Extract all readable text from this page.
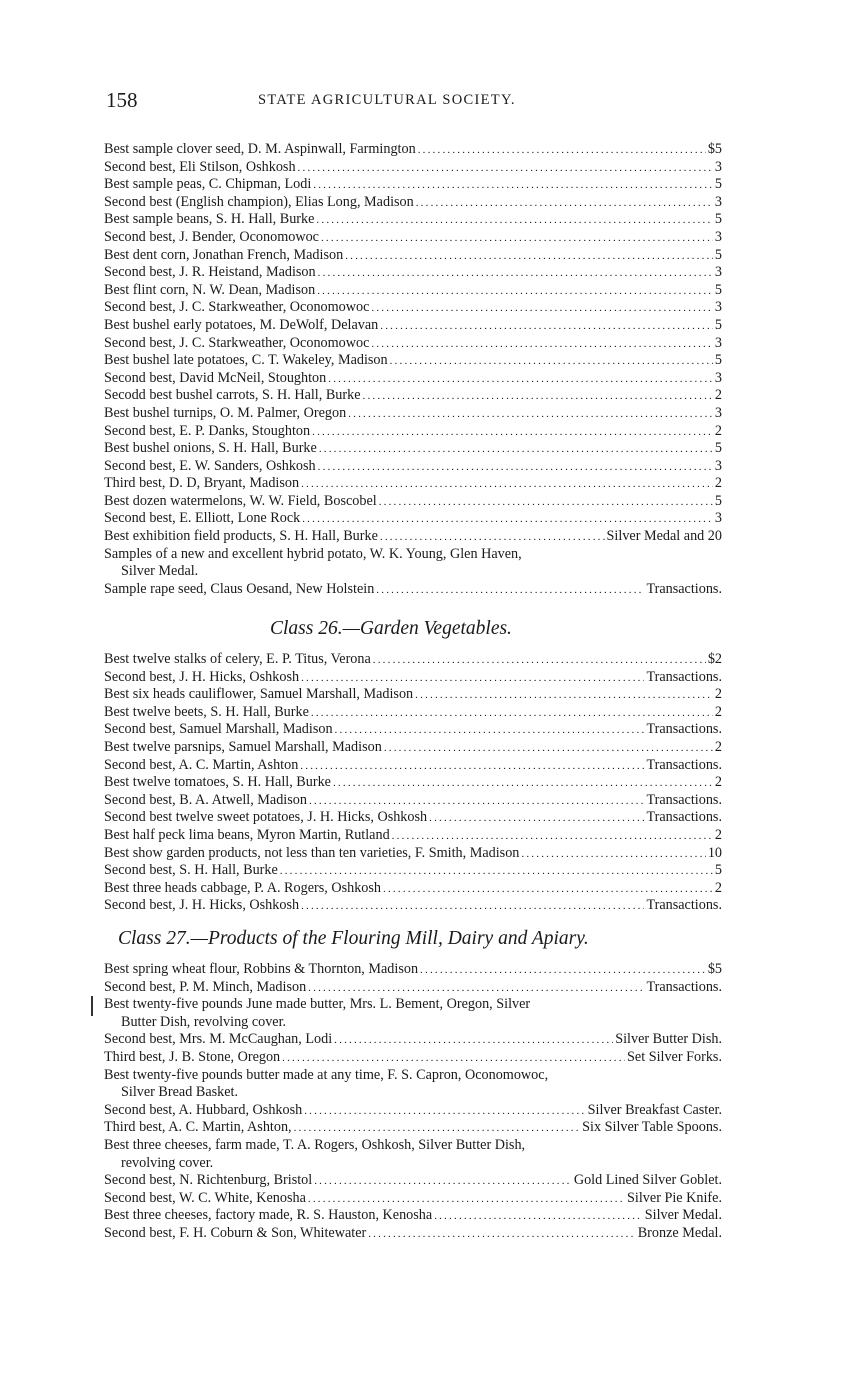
158	STATE AGRICULTURAL SOCIETY.
Best sample clover seed, D. M. Aspinwall, Farmington .....	$5
Second best, Eli Stilson, Oshkosh .....	3
Best sample peas, C. Chipman, Lodi .....	5
Second best (English champion), Elias Long, Madison .....	3
Best sample beans, S. H. Hall, Burke .....	5
Second best, J. Bender, Oconomowoc .....	3
Best dent corn, Jonathan French, Madison .....	5
Second best, J. R. Heistand, Madison .....	3
Best flint corn, N. W. Dean, Madison .....	5
Second best, J. C. Starkweather, Oconomowoc .....	3
Best bushel early potatoes, M. DeWolf, Delavan .....	5
Second best, J. C. Starkweather, Oconomowoc .....	3
Best bushel late potatoes, C. T. Wakeley, Madison .....	5
Second best, David McNeil, Stoughton .....	3
Secodd best bushel carrots, S. H. Hall, Burke .....	2
Best bushel turnips, O. M. Palmer, Oregon .....	3
Second best, E. P. Danks, Stoughton .....	2
Best bushel onions, S. H. Hall, Burke .....	5
Second best, E. W. Sanders, Oshkosh .....	3
Third best, D. D, Bryant, Madison .....	2
Best dozen watermelons, W. W. Field, Boscobel .....	5
Second best, E. Elliott, Lone Rock .....	3
Best exhibition field products, S. H. Hall, Burke .....	Silver Medal and 20
Samples of a new and excellent hybrid potato, W. K. Young, Glen Haven,
Silver Medal.
Sample rape seed, Claus Oesand, New Holstein .....	Transactions.
Class 26.—Garden Vegetables.
Best twelve stalks of celery, E. P. Titus, Verona .....	$2
Second best, J. H. Hicks, Oshkosh .....	Transactions.
Best six heads cauliflower, Samuel Marshall, Madison .....	2
Best twelve beets, S. H. Hall, Burke .....	2
Second best, Samuel Marshall, Madison .....	Transactions.
Best twelve parsnips, Samuel Marshall, Madison .....	2
Second best, A. C. Martin, Ashton .....	Transactions.
Best twelve tomatoes, S. H. Hall, Burke .....	2
Second best, B. A. Atwell, Madison .....	Transactions.
Second best twelve sweet potatoes, J. H. Hicks, Oshkosh .....	Transactions.
Best half peck lima beans, Myron Martin, Rutland .....	2
Best show garden products, not less than ten varieties, F. Smith, Madison .....	10
Second best, S. H. Hall, Burke .....	5
Best three heads cabbage, P. A. Rogers, Oshkosh .....	2
Second best, J. H. Hicks, Oshkosh .....	Transactions.
Class 27.—Products of the Flouring Mill, Dairy and Apiary.
Best spring wheat flour, Robbins & Thornton, Madison .....	$5
Second best, P. M. Minch, Madison .....	Transactions.
Best twenty-five pounds June made butter, Mrs. L. Bement, Oregon, Silver
Butter Dish, revolving cover.
Second best, Mrs. M. McCaughan, Lodi .....	Silver Butter Dish.
Third best, J. B. Stone, Oregon .....	Set Silver Forks.
Best twenty-five pounds butter made at any time, F. S. Capron, Oconomowoc,
Silver Bread Basket.
Second best, A. Hubbard, Oshkosh .....	Silver Breakfast Caster.
Third best, A. C. Martin, Ashton, .....	Six Silver Table Spoons.
Best three cheeses, farm made, T. A. Rogers, Oshkosh, Silver Butter Dish,
revolving cover.
Second best, N. Richtenburg, Bristol .....	Gold Lined Silver Goblet.
Second best, W. C. White, Kenosha .....	Silver Pie Knife.
Best three cheeses, factory made, R. S. Hauston, Kenosha .....	Silver Medal.
Second best, F. H. Coburn & Son, Whitewater .....	Bronze Medal.
